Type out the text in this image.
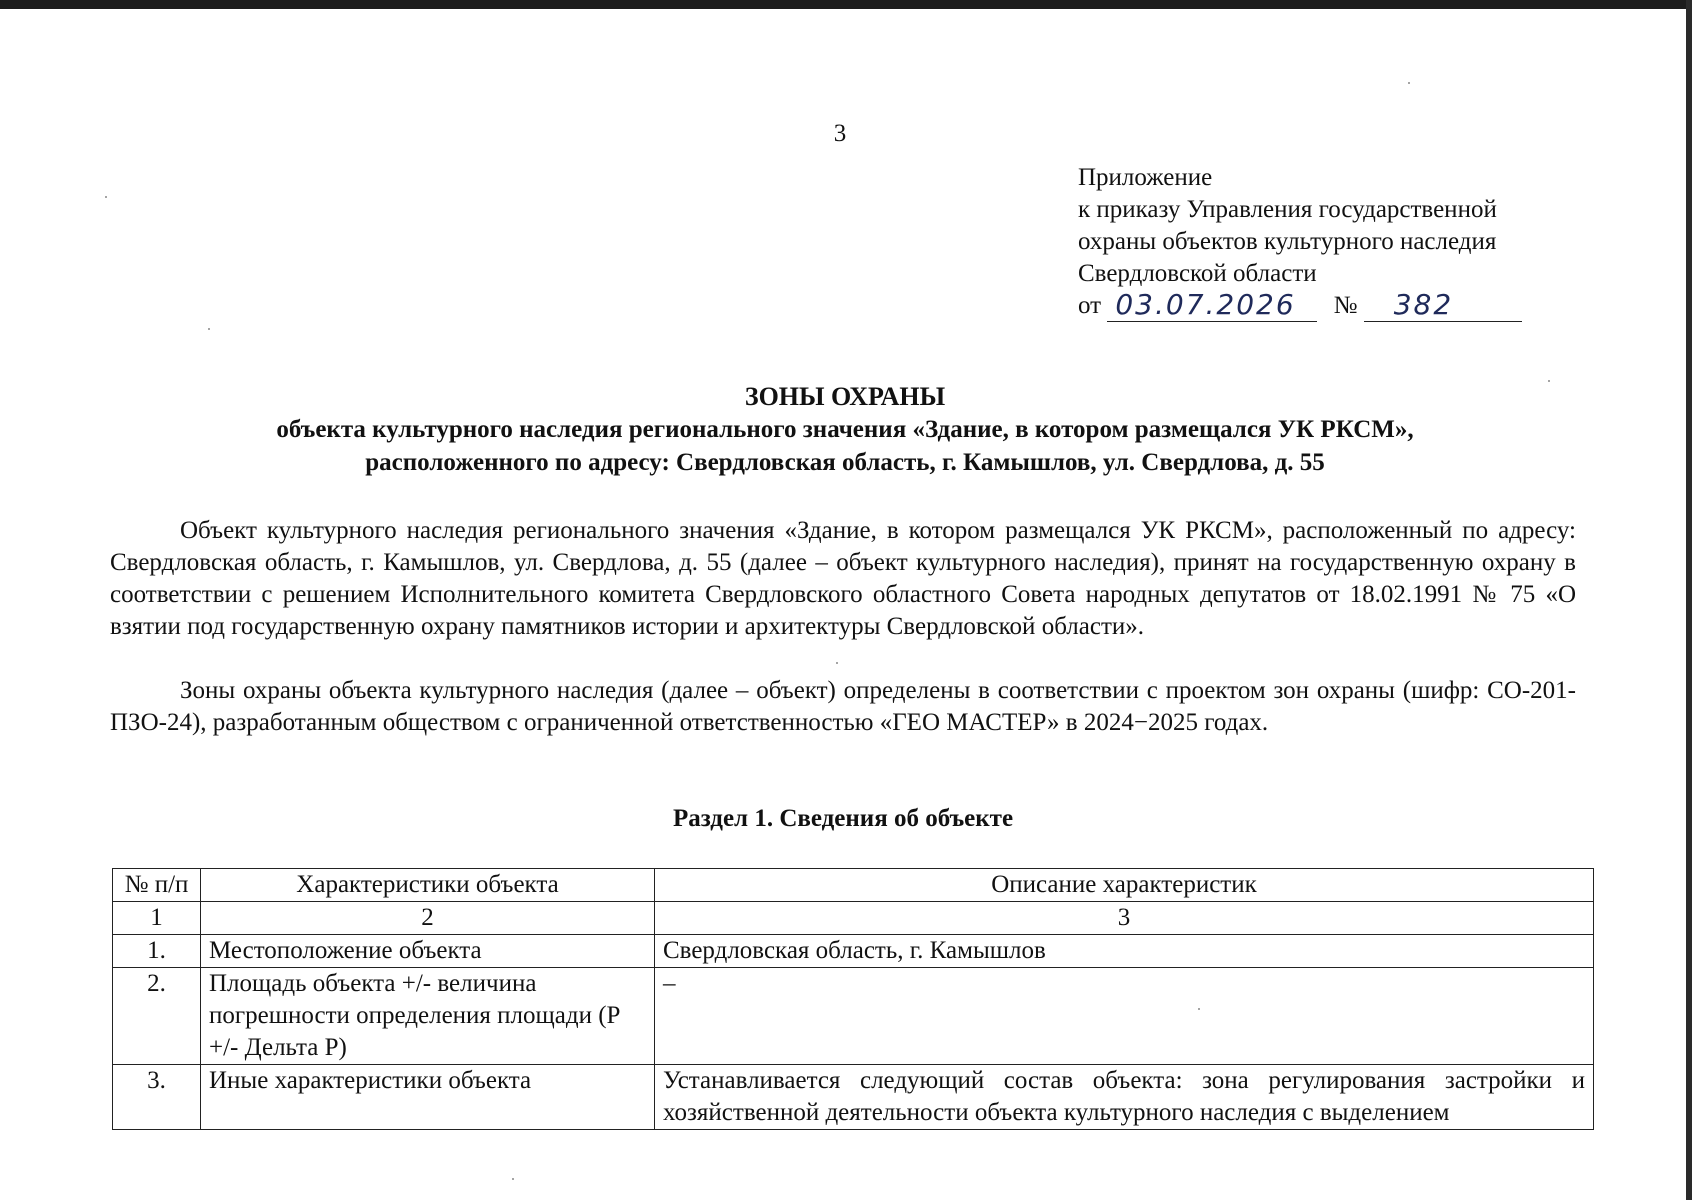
3
Приложение
к приказу Управления государственной
охраны объектов культурного наследия
Свердловской области
от 03.07.2026 № 382
ЗОНЫ ОХРАНЫ
объекта культурного наследия регионального значения «Здание, в котором размещался УК РКСМ»,
расположенного по адресу: Свердловская область, г. Камышлов, ул. Свердлова, д. 55
Объект культурного наследия регионального значения «Здание, в котором размещался УК РКСМ», расположенный по адресу: Свердловская область, г. Камышлов, ул. Свердлова, д. 55 (далее – объект культурного наследия), принят на государственную охрану в соответствии с решением Исполнительного комитета Свердловского областного Совета народных депутатов от 18.02.1991 № 75 «О взятии под государственную охрану памятников истории и архитектуры Свердловской области».
Зоны охраны объекта культурного наследия (далее – объект) определены в соответствии с проектом зон охраны (шифр: СО-201-ПЗО-24), разработанным обществом с ограниченной ответственностью «ГЕО МАСТЕР» в 2024−2025 годах.
Раздел 1. Сведения об объекте
№ п/п	Характеристики объекта	Описание характеристик
1	2	3
1.	Местоположение объекта	Свердловская область, г. Камышлов
2.	Площадь объекта +/- величина погрешности определения площади (Р +/- Дельта Р)	–
3.	Иные характеристики объекта	Устанавливается следующий состав объекта: зона регулирования застройки и хозяйственной деятельности объекта культурного наследия с выделением
